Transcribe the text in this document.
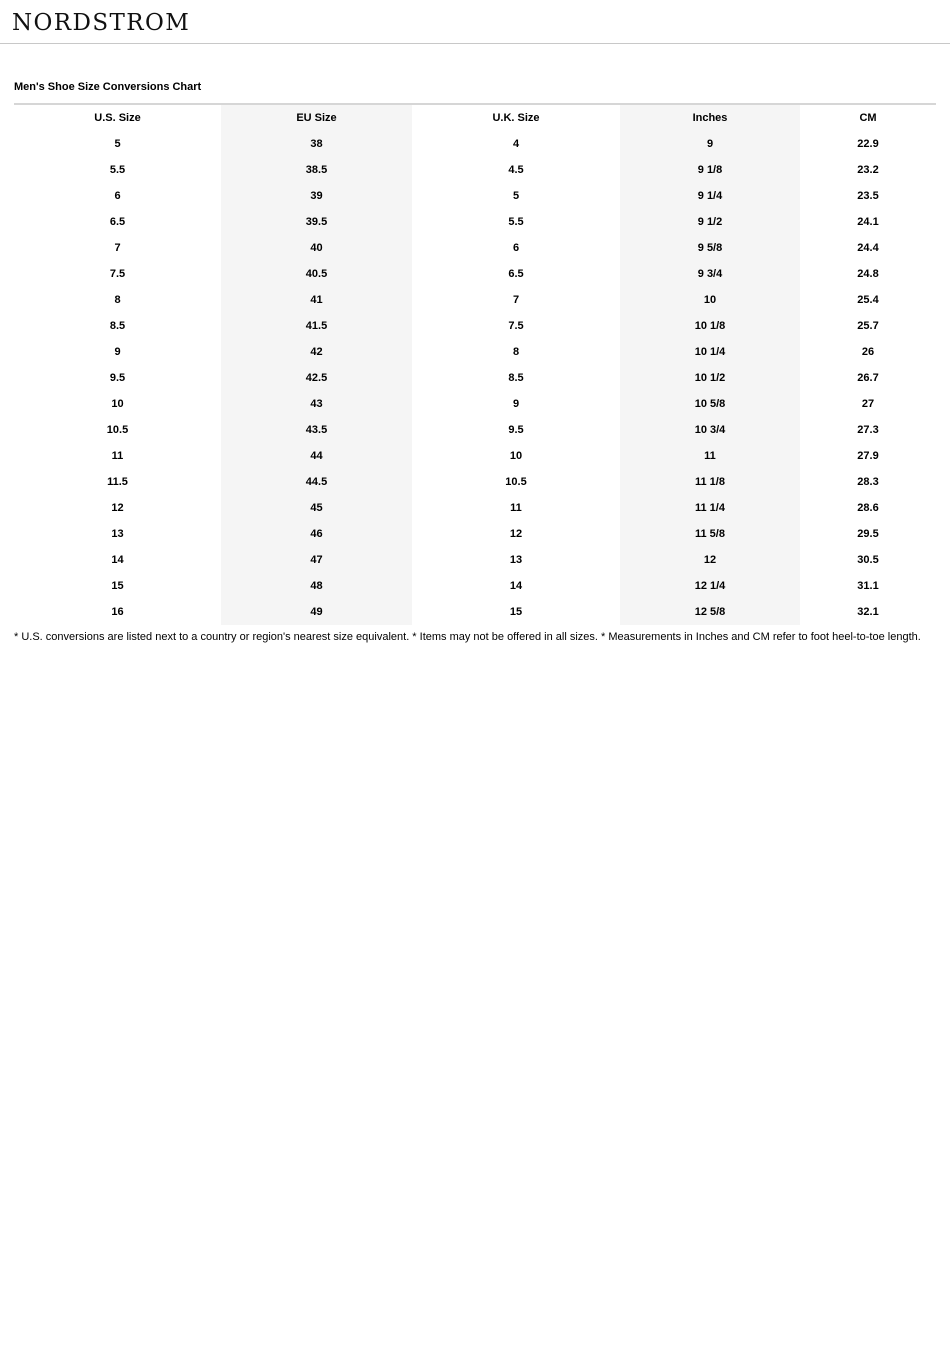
NORDSTROM
Men's Shoe Size Conversions Chart
U.S. Size	EU Size	U.K. Size	Inches	CM
5	38	4	9	22.9
5.5	38.5	4.5	9 1/8	23.2
6	39	5	9 1/4	23.5
6.5	39.5	5.5	9 1/2	24.1
7	40	6	9 5/8	24.4
7.5	40.5	6.5	9 3/4	24.8
8	41	7	10	25.4
8.5	41.5	7.5	10 1/8	25.7
9	42	8	10 1/4	26
9.5	42.5	8.5	10 1/2	26.7
10	43	9	10 5/8	27
10.5	43.5	9.5	10 3/4	27.3
11	44	10	11	27.9
11.5	44.5	10.5	11 1/8	28.3
12	45	11	11 1/4	28.6
13	46	12	11 5/8	29.5
14	47	13	12	30.5
15	48	14	12 1/4	31.1
16	49	15	12 5/8	32.1
* U.S. conversions are listed next to a country or region's nearest size equivalent. * Items may not be offered in all sizes. * Measurements in Inches and CM refer to foot heel-to-toe length.
